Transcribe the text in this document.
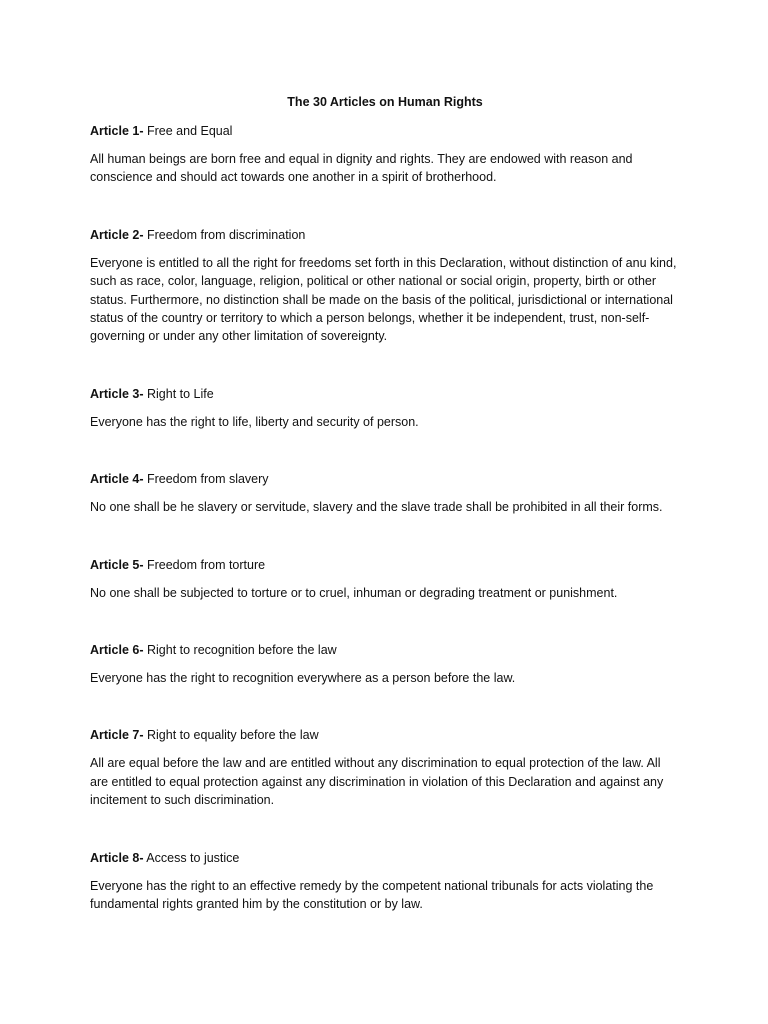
The 30 Articles on Human Rights

Article 1- Free and Equal

All human beings are born free and equal in dignity and rights. They are endowed with reason and conscience and should act towards one another in a spirit of brotherhood.

Article 2- Freedom from discrimination

Everyone is entitled to all the right for freedoms set forth in this Declaration, without distinction of anu kind, such as race, color, language, religion, political or other national or social origin, property, birth or other status. Furthermore, no distinction shall be made on the basis of the political, jurisdictional or international status of the country or territory to which a person belongs, whether it be independent, trust, non-self-governing or under any other limitation of sovereignty.

Article 3- Right to Life

Everyone has the right to life, liberty and security of person.

Article 4- Freedom from slavery

No one shall be he slavery or servitude, slavery and the slave trade shall be prohibited in all their forms.

Article 5- Freedom from torture

No one shall be subjected to torture or to cruel, inhuman or degrading treatment or punishment.

Article 6- Right to recognition before the law

Everyone has the right to recognition everywhere as a person before the law.

Article 7- Right to equality before the law

All are equal before the law and are entitled without any discrimination to equal protection of the law. All are entitled to equal protection against any discrimination in violation of this Declaration and against any incitement to such discrimination.

Article 8- Access to justice

Everyone has the right to an effective remedy by the competent national tribunals for acts violating the fundamental rights granted him by the constitution or by law.
